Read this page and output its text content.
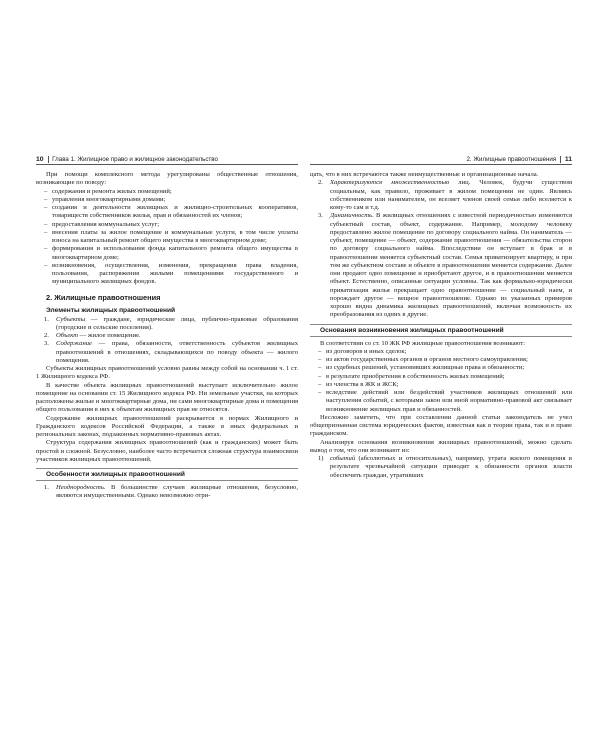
10 Глава 1. Жилищное право и жилищное законодательство

При помощи комплексного метода урегулированы общественные отношения, возникающие по поводу:

– содержания и ремонта жилых помещений;
– управления многоквартирными домами;
– создания и деятельности жилищных и жилищно-строительных кооперативов, товариществ собственников жилья, прав и обязанностей их членов;
– предоставления коммунальных услуг;
– внесения платы за жилое помещение и коммунальные услуги, в том числе уплаты взноса на капитальный ремонт общего имущества в многоквартирном доме;
– формирования и использования фонда капитального ремонта общего имущества в многоквартирном доме;
– возникновения, осуществления, изменения, прекращения права владения, пользования, распоряжения жилыми помещениями государственного и муниципального жилищных фондов.
2. Жилищные правоотношения
Элементы жилищных правоотношений
1. Субъекты — граждане, юридические лица, публично-правовые образования (городские и сельские поселения).
2. Объект — жилое помещение.
3. Содержание — права, обязанности, ответственность субъектов жилищных правоотношений в отношениях, складывающихся по поводу объекта — жилого помещения.

Субъекты жилищных правоотношений условно равны между собой на основании ч. 1 ст. 1 Жилищного кодекса РФ.

В качестве объекта жилищных правоотношений выступает исключительно жилое помещение на основании ст. 15 Жилищного кодекса РФ. Ни земельные участки, на которых расположены жилые и многоквартирные дома, ни сами многоквартирные дома и помещения общего пользования в них к объектам жилищных прав не относятся.

Содержание жилищных правоотношений раскрывается в нормах Жилищного и Гражданского кодексов Российской Федерации, а также в иных федеральных и региональных законах, подзаконных нормативно-правовых актах.

Структура содержания жилищных правоотношений (как и гражданских) может быть простой и сложной. Безусловно, наиболее часто встречается сложная структура взаимосвязи участников жилищных правоотношений.

Особенности жилищных правоотношений
1. Неоднородность. В большинстве случаев жилищные отношения, безусловно, являются имущественными. Однако невозможно отри-
2. Жилищные правоотношения 11

цать, что в них встречаются также неимущественные и организационные начала.

2. Характеризуются множественностью лиц. Человек, будучи существом социальным, как правило, проживает в жилом помещении не один. Являясь собственником или нанимателем, он вселяет членов своей семьи либо вселяется к кому-то сам и т.д.
3. Динамичность. В жилищных отношениях с известной периодичностью изменяются субъектный состав, объект, содержание. Например, молодому человеку предоставлено жилое помещение по договору социального найма. Он наниматель — субъект, помещение — объект, содержание правоотношения — обязательства сторон по договору социального найма. Впоследствии он вступает в брак и в правоотношении меняется субъектный состав. Семья приватизирует квартиру, и при том же субъектном составе и объекте в правоотношении меняется содержание. Далее они продают одно помещение и приобретают другое, и в правоотношении меняется объект. Естественно, описанные ситуации условны. Так как формально-юридически приватизация жилья прекращает одно правоотношение — социальный наем, и порождает другое — вещное правоотношение. Однако из указанных примеров хорошо видна динамика жилищных правоотношений, включая возможность их преобразования из одних в другие.
Основания возникновения жилищных правоотношений

В соответствии со ст. 10 ЖК РФ жилищные правоотношения возникают:

– из договоров и иных сделок;
– из актов государственных органов и органов местного самоуправления;
– из судебных решений, установивших жилищные права и обязанности;
– в результате приобретения в собственность жилых помещений;
– из членства в ЖК и ЖСК;
– вследствие действий или бездействий участников жилищных отношений или наступления событий, с которыми закон или иной нормативно-правовой акт связывает возникновение жилищных прав и обязанностей.

Несложно заметить, что при составлении данной статьи законодатель не учел общепризнанная система юридических фактов, известная как в теории права, так и в праве гражданском.

Анализируя основания возникновения жилищных правоотношений, можно сделать вывод о том, что они возникают из:

1) событий (абсолютных и относительных), например, утрата жилого помещения в результате чрезвычайной ситуации приводит к обязанности органов власти обеспечить граждан, утративших
